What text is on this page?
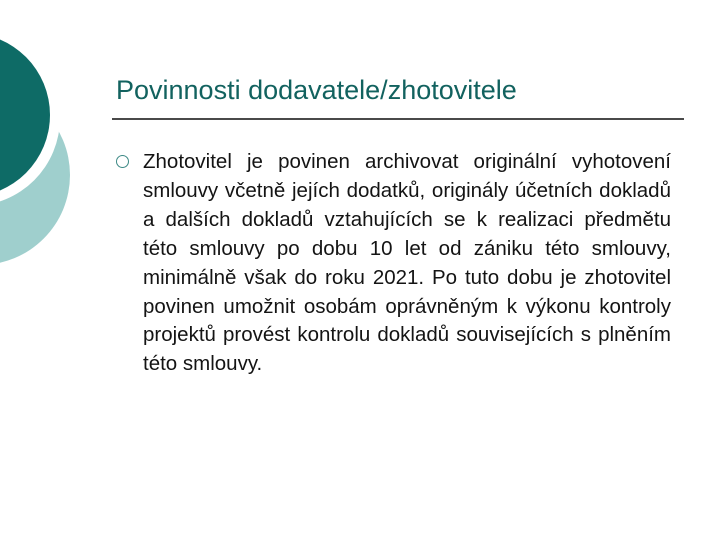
Povinnosti dodavatele/zhotovitele

Zhotovitel je povinen archivovat originální vyhotovení smlouvy včetně jejích dodatků, originály účetních dokladů a dalších dokladů vztahujících se k realizaci předmětu této smlouvy po dobu 10 let od zániku této smlouvy, minimálně však do roku 2021. Po tuto dobu je zhotovitel povinen umožnit osobám oprávněným k výkonu kontroly projektů provést kontrolu dokladů souvisejících s plněním této smlouvy.
